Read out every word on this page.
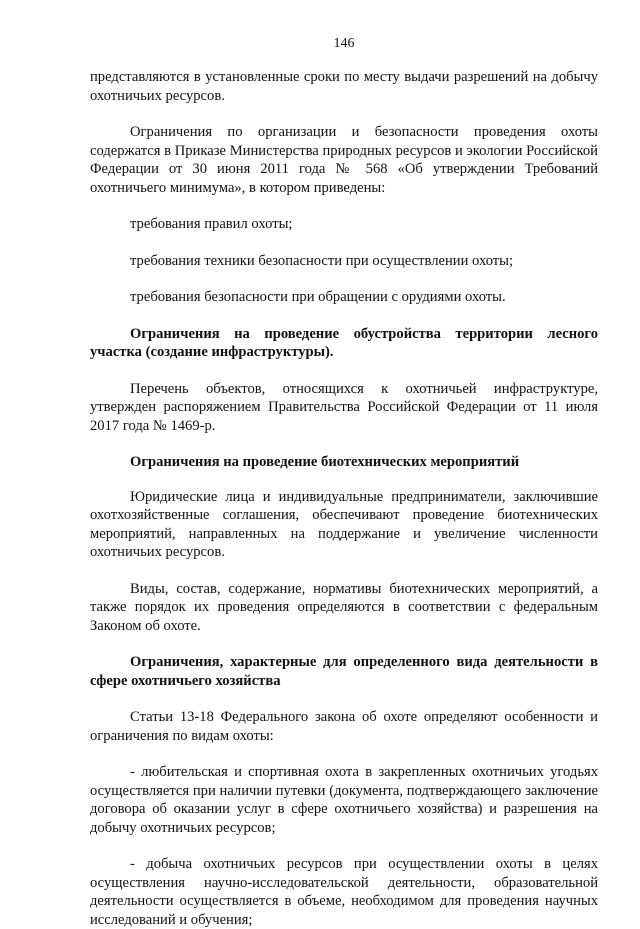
146

представляются в установленные сроки по месту выдачи разрешений на добычу охотничьих ресурсов.

Ограничения по организации и безопасности проведения охоты содержатся в Приказе Министерства природных ресурсов и экологии Российской Федерации от 30 июня 2011 года № 568 «Об утверждении Требований охотничьего минимума», в котором приведены:

требования правил охоты;

требования техники безопасности при осуществлении охоты;

требования безопасности при обращении с орудиями охоты.

Ограничения на проведение обустройства территории лесного участка (создание инфраструктуры).

Перечень объектов, относящихся к охотничьей инфраструктуре, утвержден распоряжением Правительства Российской Федерации от 11 июля 2017 года № 1469-р.

Ограничения на проведение биотехнических мероприятий

Юридические лица и индивидуальные предприниматели, заключившие охотхозяйственные соглашения, обеспечивают проведение биотехнических мероприятий, направленных на поддержание и увеличение численности охотничьих ресурсов.

Виды, состав, содержание, нормативы биотехнических мероприятий, а также порядок их проведения определяются в соответствии с федеральным Законом об охоте.

Ограничения, характерные для определенного вида деятельности в сфере охотничьего хозяйства

Статьи 13-18 Федерального закона об охоте определяют особенности и ограничения по видам охоты:

- любительская и спортивная охота в закрепленных охотничьих угодьях осуществляется при наличии путевки (документа, подтверждающего заключение договора об оказании услуг в сфере охотничьего хозяйства) и разрешения на добычу охотничьих ресурсов;

- добыча охотничьих ресурсов при осуществлении охоты в целях осуществления научно-исследовательской деятельности, образовательной деятельности осуществляется в объеме, необходимом для проведения научных исследований и обучения;
